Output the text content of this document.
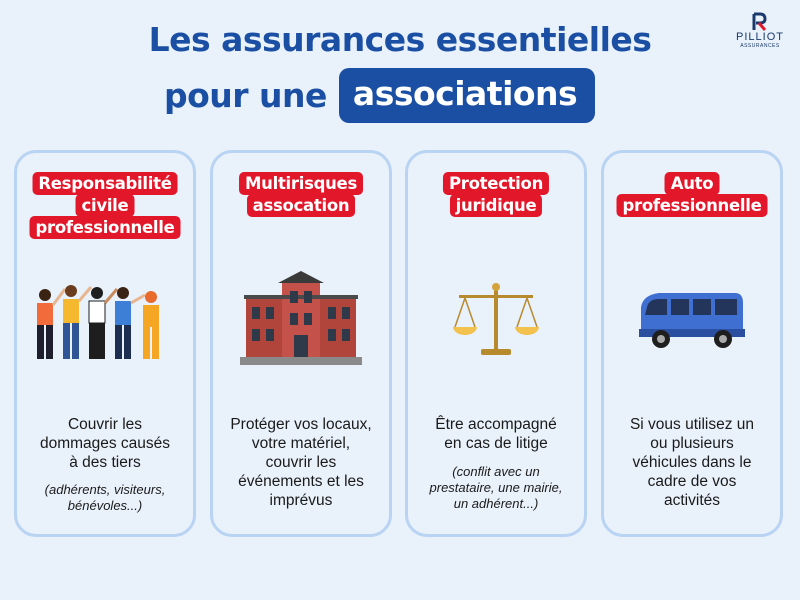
Les assurances essentielles
pour une associations
PILLIOT
ASSURANCES
Responsabilité
civile
professionnelle
Couvrir les
dommages causés
à des tiers
(adhérents, visiteurs,
bénévoles...)
Multirisques
assocation
Protéger vos locaux,
votre matériel,
couvrir les
événements et les
imprévus
Protection
juridique
Être accompagné
en cas de litige
(conflit avec un
prestataire, une mairie,
un adhérent...)
Auto
professionnelle
Si vous utilisez un
ou plusieurs
véhicules dans le
cadre de vos
activités
